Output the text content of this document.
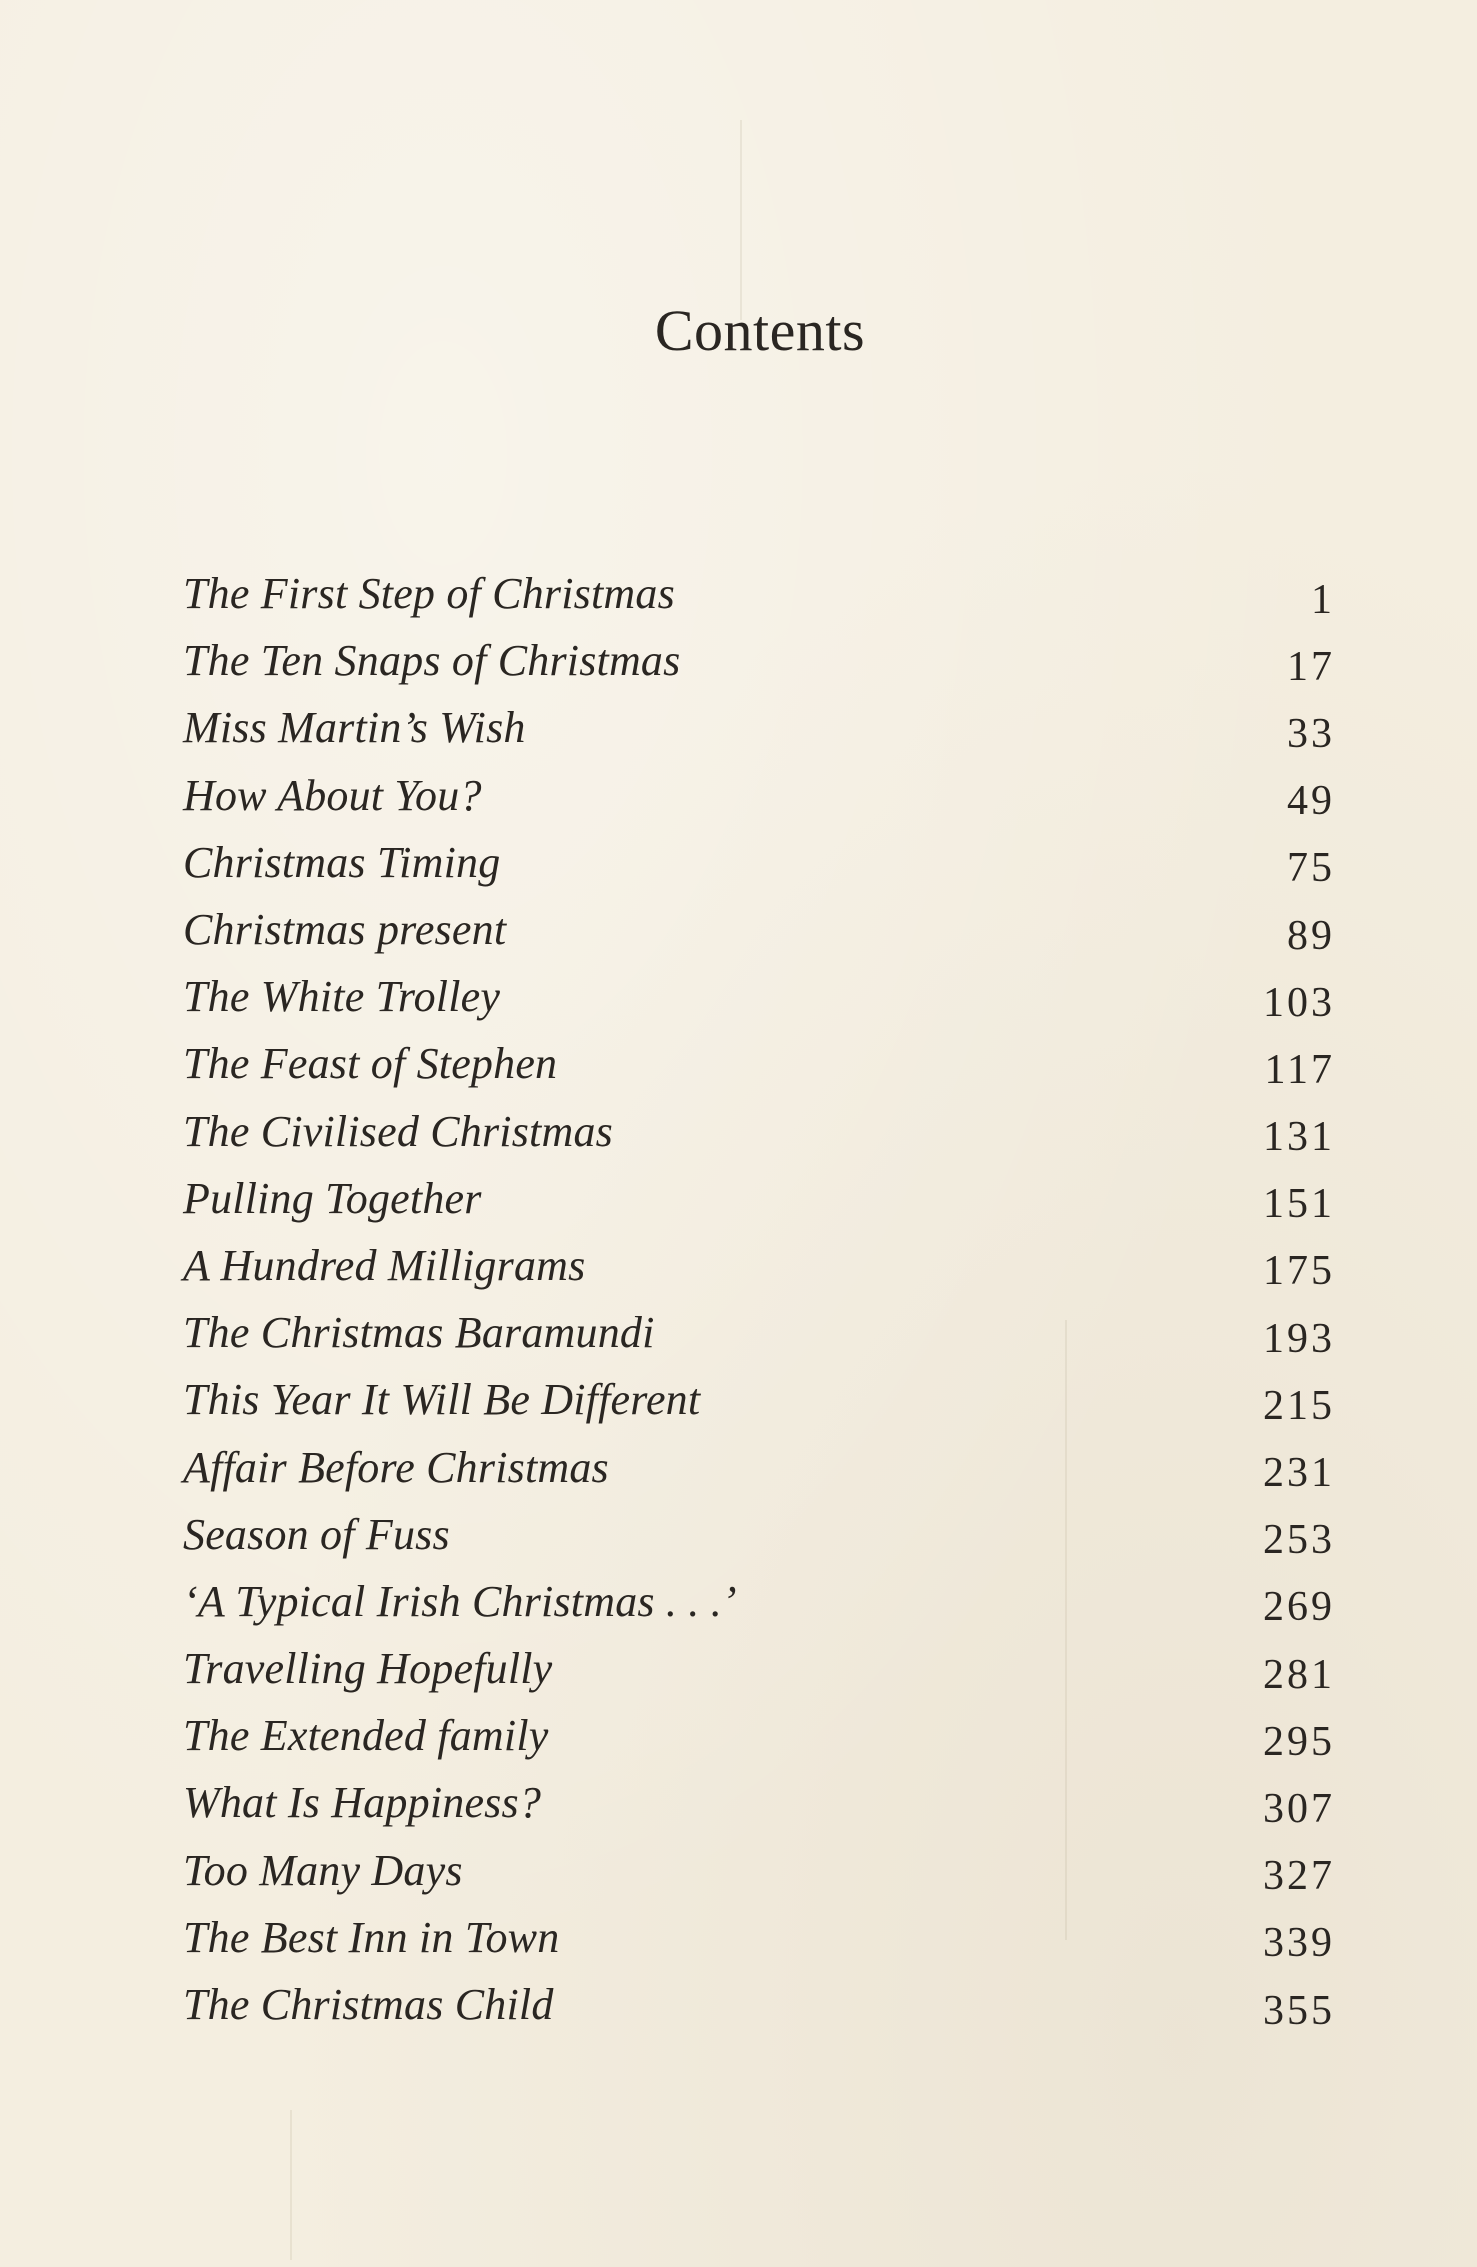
Contents
The First Step of Christmas	1
The Ten Snaps of Christmas	17
Miss Martin’s Wish	33
How About You?	49
Christmas Timing	75
Christmas present	89
The White Trolley	103
The Feast of Stephen	117
The Civilised Christmas	131
Pulling Together	151
A Hundred Milligrams	175
The Christmas Baramundi	193
This Year It Will Be Different	215
Affair Before Christmas	231
Season of Fuss	253
‘A Typical Irish Christmas . . .’	269
Travelling Hopefully	281
The Extended family	295
What Is Happiness?	307
Too Many Days	327
The Best Inn in Town	339
The Christmas Child	355
